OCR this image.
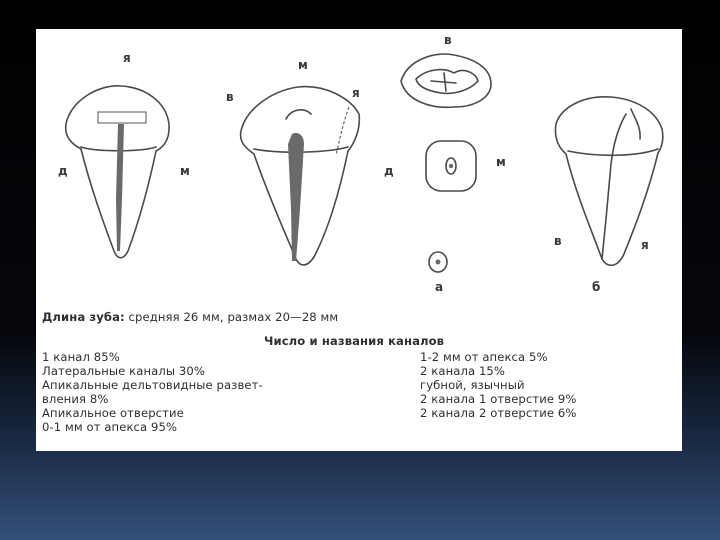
я
д	м
м
в	я
в
д
м
а
в	я
б
Длина зуба: средняя 26 мм, размах 20—28 мм
Число и названия каналов
1 канал 85%
Латеральные каналы 30%
Апикальные дельтовидные развет-
вления 8%
Апикальное отверстие
0-1 мм от апекса 95%
1-2 мм от апекса 5%
2 канала 15%
губной, язычный
2 канала 1 отверстие 9%
2 канала 2 отверстие 6%
